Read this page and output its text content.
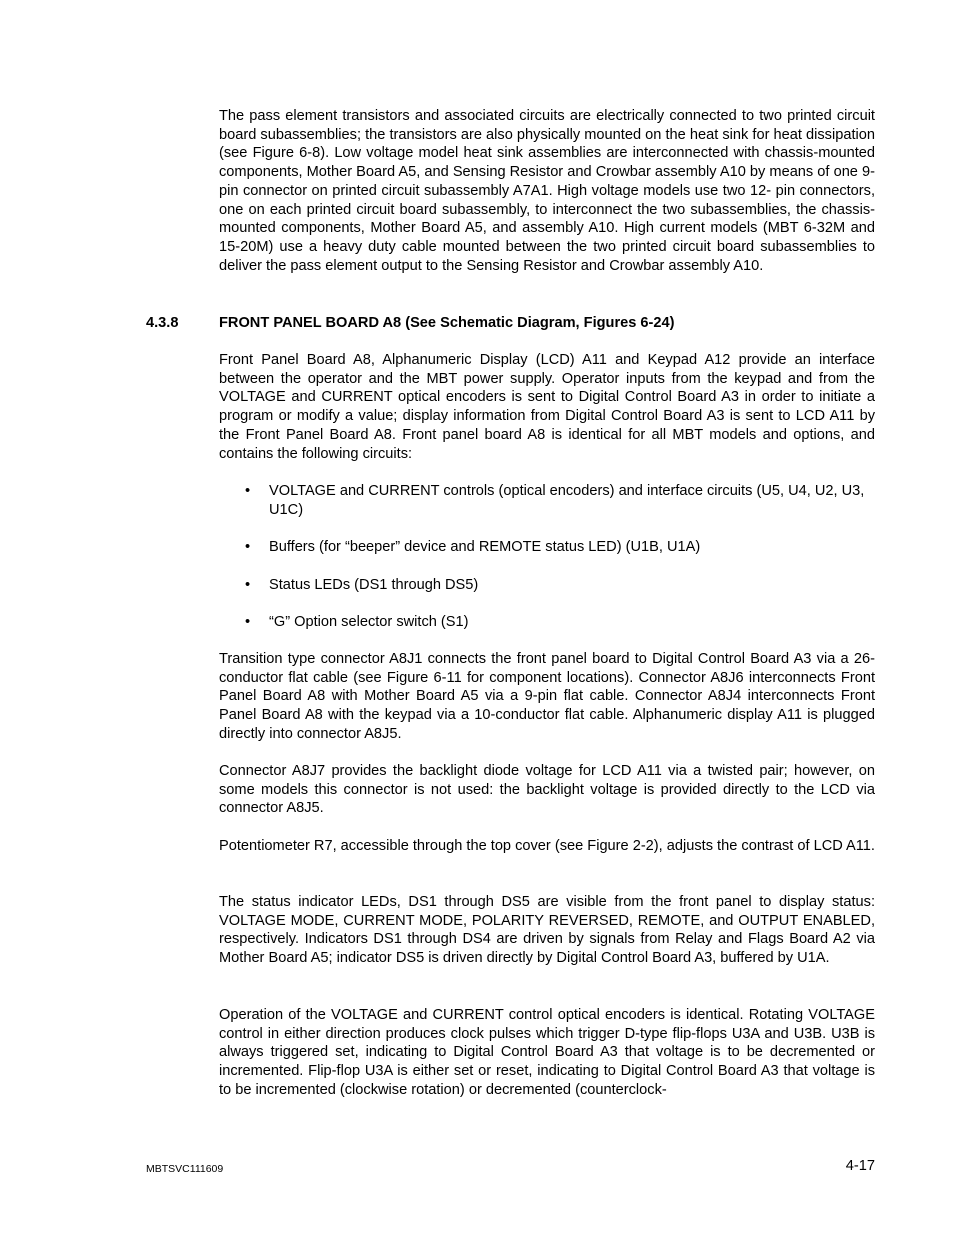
The pass element transistors and associated circuits are electrically connected to two printed circuit board subassemblies; the transistors are also physically mounted on the heat sink for heat dissipation (see Figure 6-8). Low voltage model heat sink assemblies are interconnected with chassis-mounted components, Mother Board A5, and Sensing Resistor and Crowbar assembly A10 by means of one 9-pin connector on printed circuit subassembly A7A1. High voltage models use two 12- pin connectors, one on each printed circuit board subassembly, to interconnect the two subassemblies, the chassis-mounted components, Mother Board A5, and assembly A10. High current models (MBT 6-32M and 15-20M) use a heavy duty cable mounted between the two printed circuit board subassemblies to deliver the pass element output to the Sensing Resistor and Crowbar assembly A10.

4.3.8	FRONT PANEL BOARD A8 (See Schematic Diagram, Figures 6-24)

Front Panel Board A8, Alphanumeric Display (LCD) A11 and Keypad A12 provide an interface between the operator and the MBT power supply. Operator inputs from the keypad and from the VOLTAGE and CURRENT optical encoders is sent to Digital Control Board A3 in order to initiate a program or modify a value; display information from Digital Control Board A3 is sent to LCD A11 by the Front Panel Board A8. Front panel board A8 is identical for all MBT models and options, and contains the following circuits:

• VOLTAGE and CURRENT controls (optical encoders) and interface circuits (U5, U4, U2, U3, U1C)
• Buffers (for “beeper” device and REMOTE status LED) (U1B, U1A)
• Status LEDs (DS1 through DS5)
• “G” Option selector switch (S1)

Transition type connector A8J1 connects the front panel board to Digital Control Board A3 via a 26-conductor flat cable (see Figure 6-11 for component locations). Connector A8J6 interconnects Front Panel Board A8 with Mother Board A5 via a 9-pin flat cable. Connector A8J4 interconnects Front Panel Board A8 with the keypad via a 10-conductor flat cable. Alphanumeric display A11 is plugged directly into connector A8J5.

Connector A8J7 provides the backlight diode voltage for LCD A11 via a twisted pair; however, on some models this connector is not used: the backlight voltage is provided directly to the LCD via connector A8J5.

Potentiometer R7, accessible through the top cover (see Figure 2-2), adjusts the contrast of LCD A11.

The status indicator LEDs, DS1 through DS5 are visible from the front panel to display status: VOLTAGE MODE, CURRENT MODE, POLARITY REVERSED, REMOTE, and OUTPUT ENABLED, respectively. Indicators DS1 through DS4 are driven by signals from Relay and Flags Board A2 via Mother Board A5; indicator DS5 is driven directly by Digital Control Board A3, buffered by U1A.

Operation of the VOLTAGE and CURRENT control optical encoders is identical. Rotating VOLTAGE control in either direction produces clock pulses which trigger D-type flip-flops U3A and U3B. U3B is always triggered set, indicating to Digital Control Board A3 that voltage is to be decremented or incremented. Flip-flop U3A is either set or reset, indicating to Digital Control Board A3 that voltage is to be incremented (clockwise rotation) or decremented (counterclock-

MBTSVC111609	4-17
